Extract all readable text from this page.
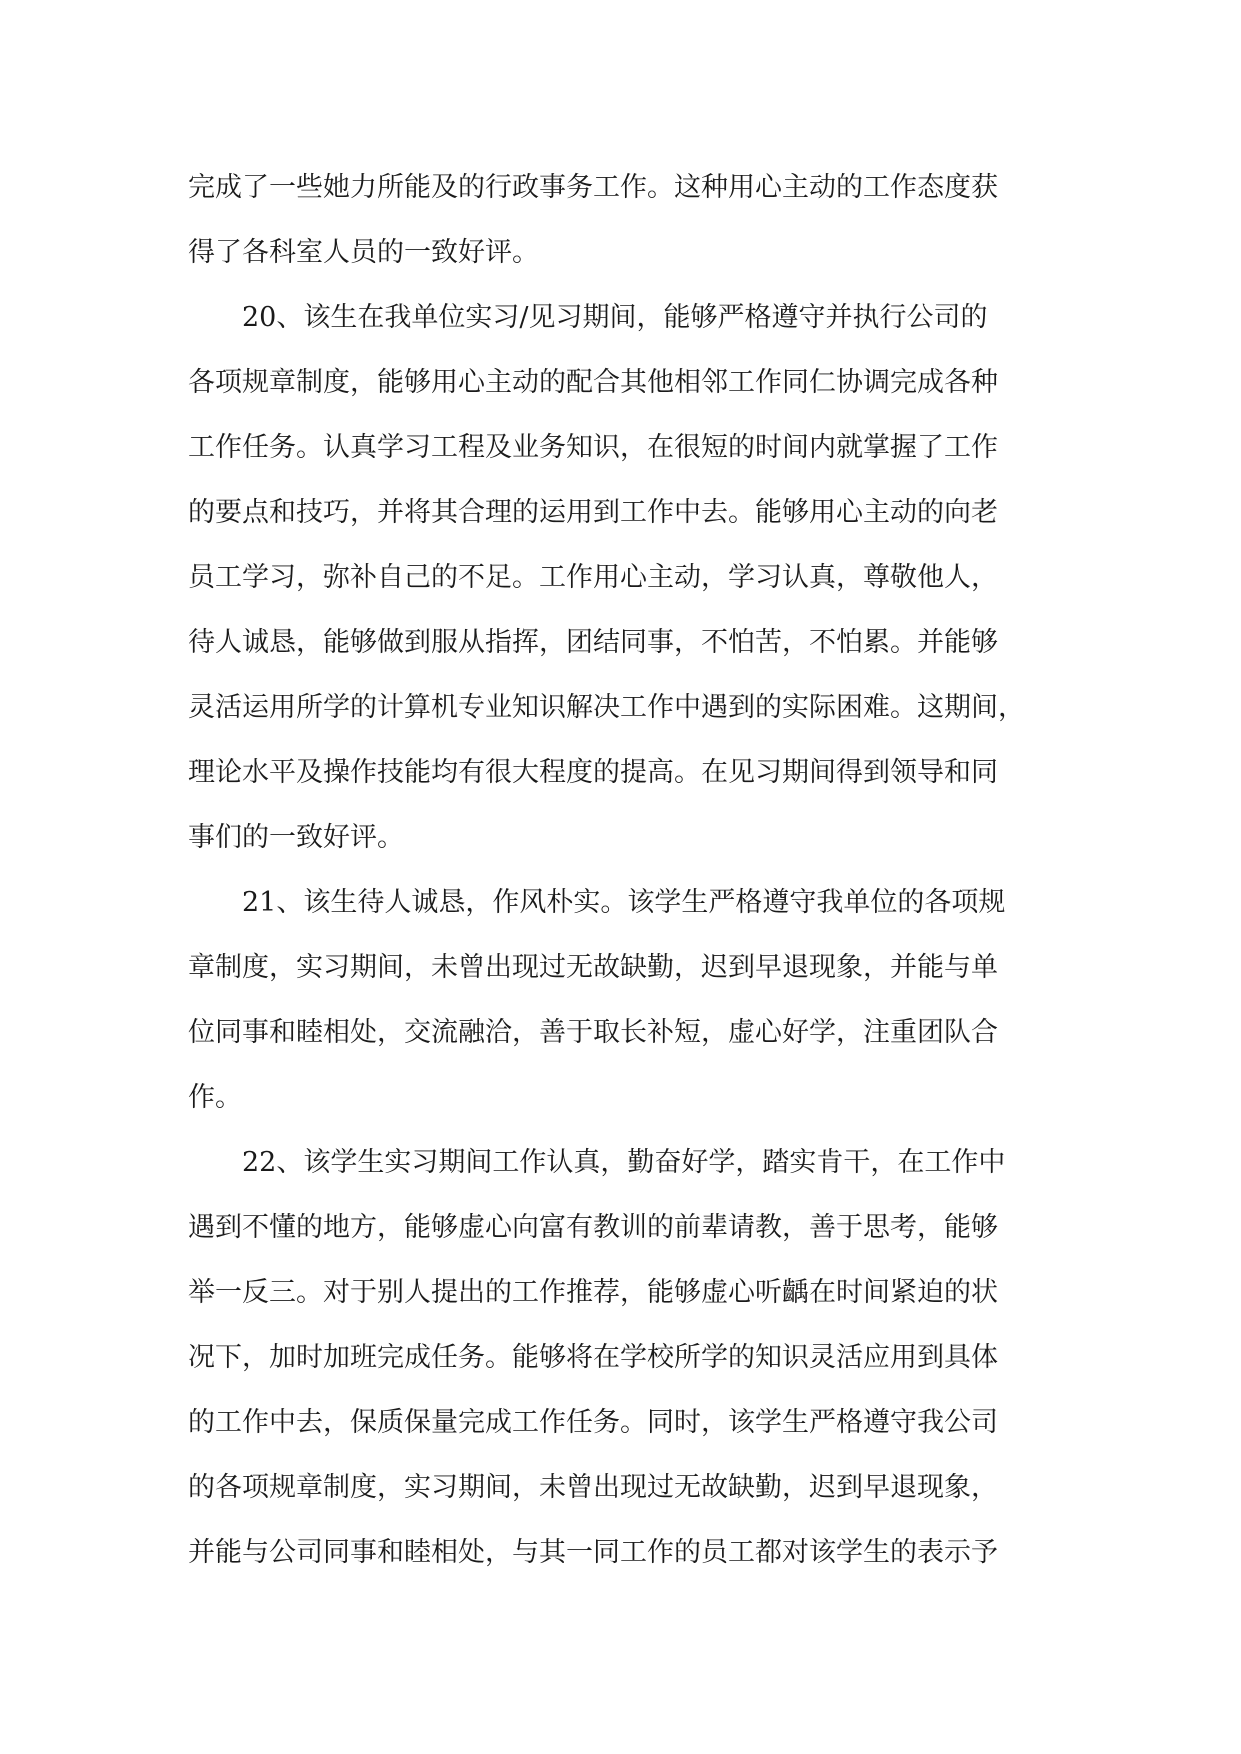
完成了一些她力所能及的行政事务工作。这种用心主动的工作态度获
得了各科室人员的一致好评。
20、该生在我单位实习/见习期间，能够严格遵守并执行公司的
各项规章制度，能够用心主动的配合其他相邻工作同仁协调完成各种
工作任务。认真学习工程及业务知识，在很短的时间内就掌握了工作
的要点和技巧，并将其合理的运用到工作中去。能够用心主动的向老
员工学习，弥补自己的不足。工作用心主动，学习认真，尊敬他人，
待人诚恳，能够做到服从指挥，团结同事，不怕苦，不怕累。并能够
灵活运用所学的计算机专业知识解决工作中遇到的实际困难。这期间，
理论水平及操作技能均有很大程度的提高。在见习期间得到领导和同
事们的一致好评。
21、该生待人诚恳，作风朴实。该学生严格遵守我单位的各项规
章制度，实习期间，未曾出现过无故缺勤，迟到早退现象，并能与单
位同事和睦相处，交流融洽，善于取长补短，虚心好学，注重团队合
作。
22、该学生实习期间工作认真，勤奋好学，踏实肯干，在工作中
遇到不懂的地方，能够虚心向富有教训的前辈请教，善于思考，能够
举一反三。对于别人提出的工作推荐，能够虚心听齲在时间紧迫的状
况下，加时加班完成任务。能够将在学校所学的知识灵活应用到具体
的工作中去，保质保量完成工作任务。同时，该学生严格遵守我公司
的各项规章制度，实习期间，未曾出现过无故缺勤，迟到早退现象，
并能与公司同事和睦相处，与其一同工作的员工都对该学生的表示予
